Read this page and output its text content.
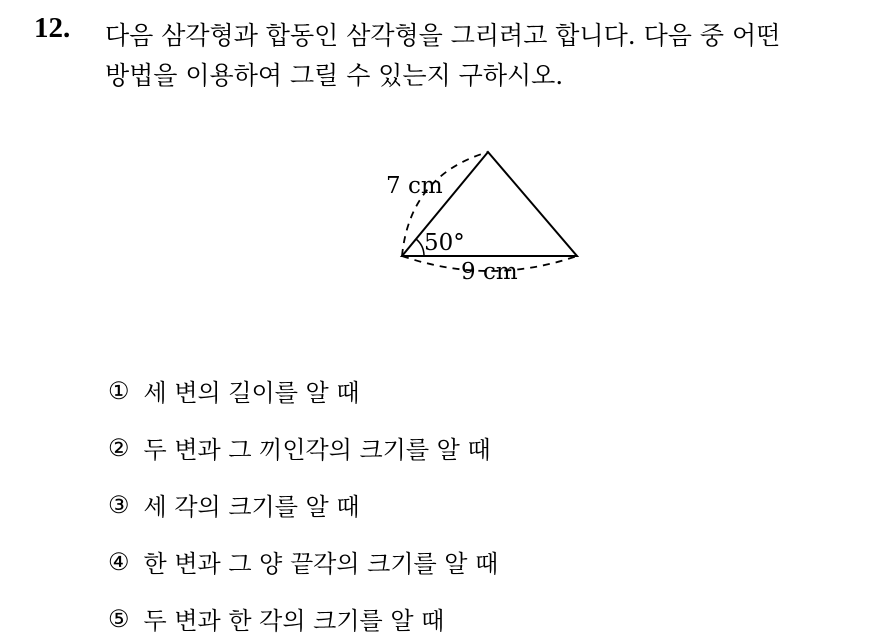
12. 다음 삼각형과 합동인 삼각형을 그리려고 합니다. 다음 중 어떤
방법을 이용하여 그릴 수 있는지 구하시오.
7 cm
50°
9 cm
① 세 변의 길이를 알 때
② 두 변과 그 끼인각의 크기를 알 때
③ 세 각의 크기를 알 때
④ 한 변과 그 양 끝각의 크기를 알 때
⑤ 두 변과 한 각의 크기를 알 때
